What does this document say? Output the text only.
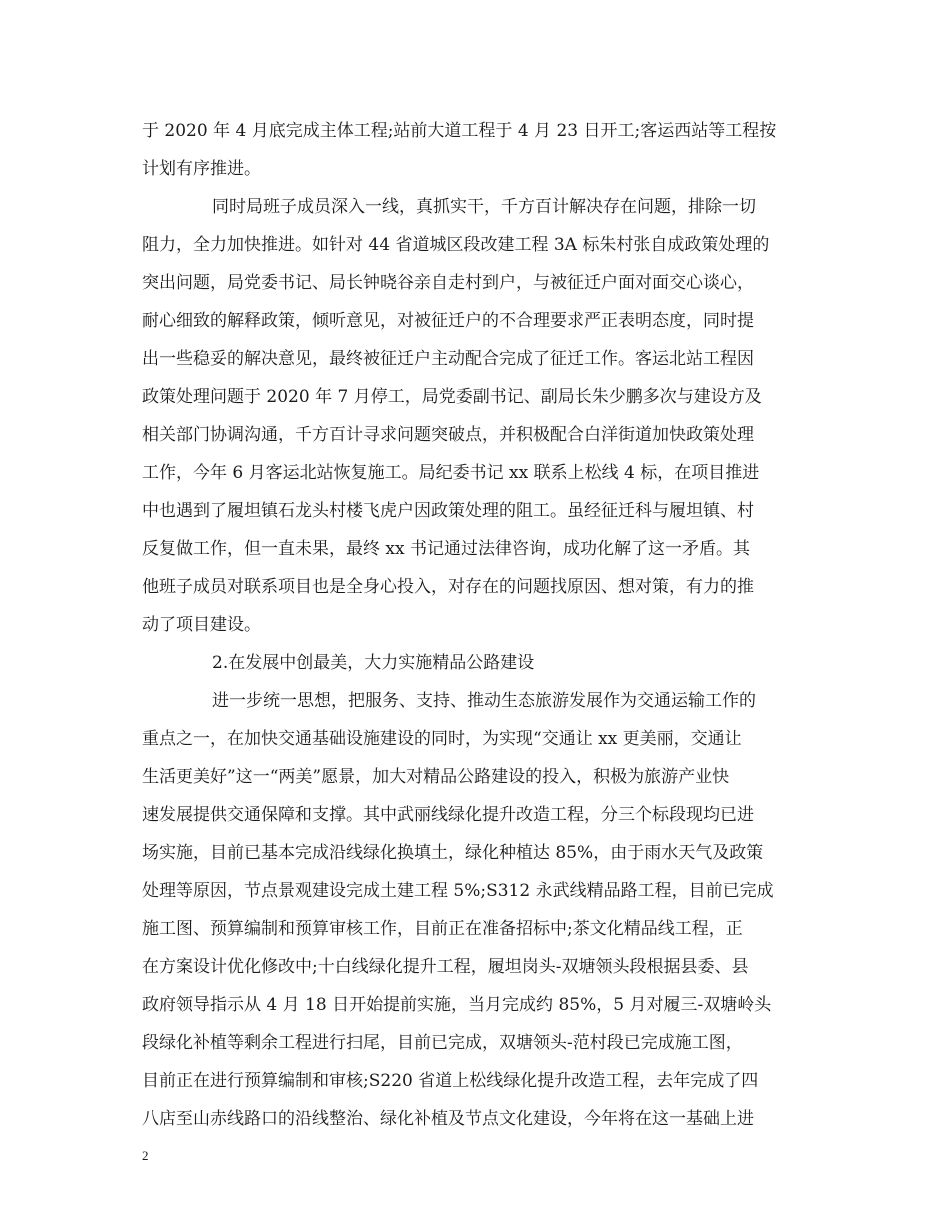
于 2020 年 4 月底完成主体工程;站前大道工程于 4 月 23 日开工;客运西站等工程按
计划有序推进。
同时局班子成员深入一线，真抓实干，千方百计解决存在问题，排除一切
阻力，全力加快推进。如针对 44 省道城区段改建工程 3A 标朱村张自成政策处理的
突出问题，局党委书记、局长钟晓谷亲自走村到户，与被征迁户面对面交心谈心，
耐心细致的解释政策，倾听意见，对被征迁户的不合理要求严正表明态度，同时提
出一些稳妥的解决意见，最终被征迁户主动配合完成了征迁工作。客运北站工程因
政策处理问题于 2020 年 7 月停工，局党委副书记、副局长朱少鹏多次与建设方及
相关部门协调沟通，千方百计寻求问题突破点，并积极配合白洋街道加快政策处理
工作，今年 6 月客运北站恢复施工。局纪委书记 xx 联系上松线 4 标，在项目推进
中也遇到了履坦镇石龙头村楼飞虎户因政策处理的阻工。虽经征迁科与履坦镇、村
反复做工作，但一直未果，最终 xx 书记通过法律咨询，成功化解了这一矛盾。其
他班子成员对联系项目也是全身心投入，对存在的问题找原因、想对策，有力的推
动了项目建设。
2.在发展中创最美，大力实施精品公路建设
进一步统一思想，把服务、支持、推动生态旅游发展作为交通运输工作的
重点之一，在加快交通基础设施建设的同时，为实现“交通让 xx 更美丽，交通让
生活更美好”这一“两美”愿景，加大对精品公路建设的投入，积极为旅游产业快
速发展提供交通保障和支撑。其中武丽线绿化提升改造工程，分三个标段现均已进
场实施，目前已基本完成沿线绿化换填土，绿化种植达 85%，由于雨水天气及政策
处理等原因，节点景观建设完成土建工程 5%;S312 永武线精品路工程，目前已完成
施工图、预算编制和预算审核工作，目前正在准备招标中;茶文化精品线工程，正
在方案设计优化修改中;十白线绿化提升工程，履坦岗头-双塘领头段根据县委、县
政府领导指示从 4 月 18 日开始提前实施，当月完成约 85%，5 月对履三-双塘岭头
段绿化补植等剩余工程进行扫尾，目前已完成，双塘领头-范村段已完成施工图，
目前正在进行预算编制和审核;S220 省道上松线绿化提升改造工程，去年完成了四
八店至山赤线路口的沿线整治、绿化补植及节点文化建设，今年将在这一基础上进
2
